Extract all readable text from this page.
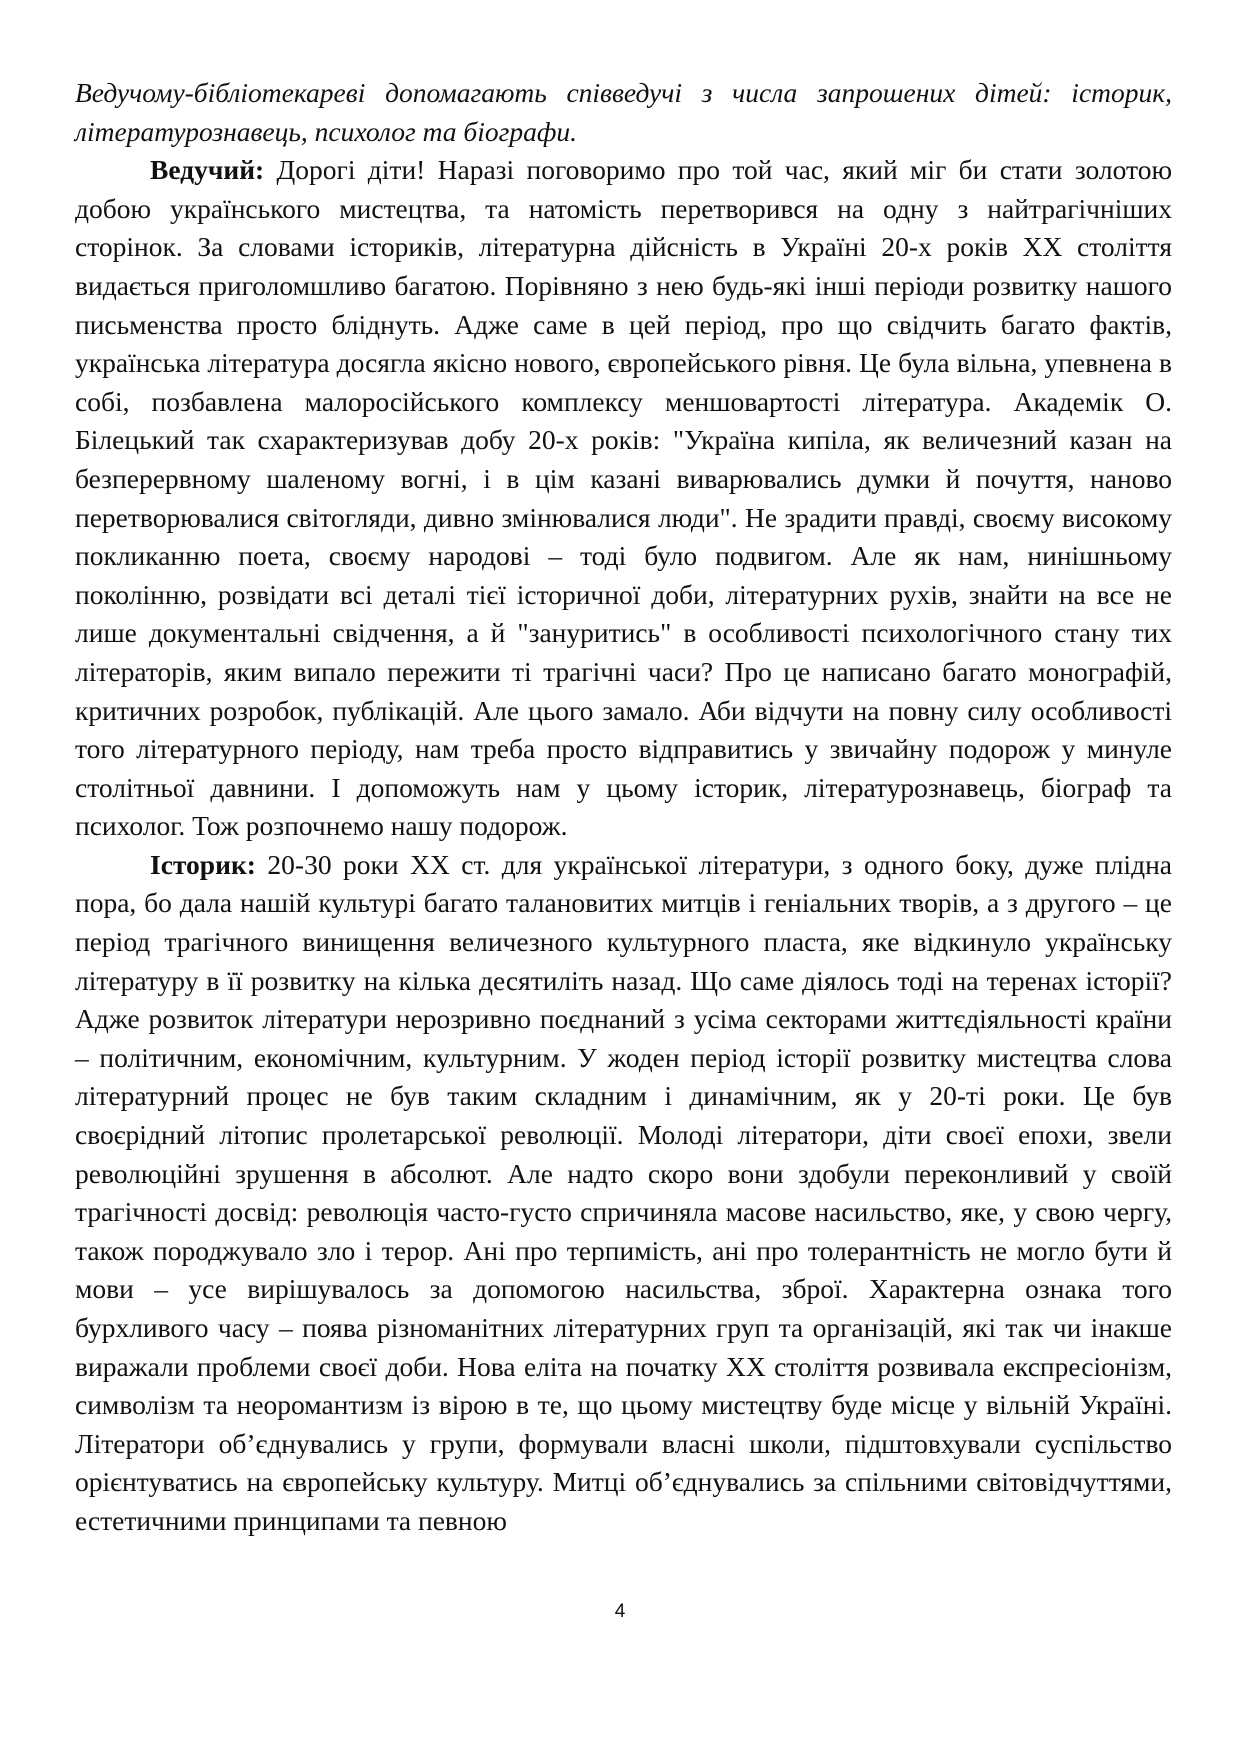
Ведучому-бібліотекареві допомагають співведучі з числа запрошених дітей: історик, літературознавець, психолог та біографи.

Ведучий: Дорогі діти! Наразі поговоримо про той час, який міг би стати золотою добою українського мистецтва, та натомість перетворився на одну з найтрагічніших сторінок. За словами істориків, літературна дійсність в Україні 20-х років XX століття видається приголомшливо багатою. Порівняно з нею будь-які інші періоди розвитку нашого письменства просто бліднуть. Адже саме в цей період, про що свідчить багато фактів, українська література досягла якісно нового, європейського рівня. Це була вільна, упевнена в собі, позбавлена малоросійського комплексу меншовартості література. Академік О. Білецький так схарактеризував добу 20-х років: "Україна кипіла, як величезний казан на безперервному шаленому вогні, і в цім казані виварювались думки й почуття, наново перетворювалися світогляди, дивно змінювалися люди". Не зрадити правді, своєму високому покликанню поета, своєму народові – тоді було подвигом. Але як нам, нинішньому поколінню, розвідати всі деталі тієї історичної доби, літературних рухів, знайти на все не лише документальні свідчення, а й "зануритись" в особливості психологічного стану тих літераторів, яким випало пережити ті трагічні часи? Про це написано багато монографій, критичних розробок, публікацій. Але цього замало. Аби відчути на повну силу особливості того літературного періоду, нам треба просто відправитись у звичайну подорож у минуле столітньої давнини. І допоможуть нам у цьому історик, літературознавець, біограф та психолог. Тож розпочнемо нашу подорож.

Історик: 20-30 роки XX ст. для української літератури, з одного боку, дуже плідна пора, бо дала нашій культурі багато талановитих митців і геніальних творів, а з другого – це період трагічного винищення величезного культурного пласта, яке відкинуло українську літературу в її розвитку на кілька десятиліть назад. Що саме діялось тоді на теренах історії? Адже розвиток літератури нерозривно поєднаний з усіма секторами життєдіяльності країни – політичним, економічним, культурним. У жоден період історії розвитку мистецтва слова літературний процес не був таким складним і динамічним, як у 20-ті роки. Це був своєрідний літопис пролетарської революції. Молоді літератори, діти своєї епохи, звели революційні зрушення в абсолют. Але надто скоро вони здобули переконливий у своїй трагічності досвід: революція часто-густо спричиняла масове насильство, яке, у свою чергу, також породжувало зло і терор. Ані про терпимість, ані про толерантність не могло бути й мови – усе вирішувалось за допомогою насильства, зброї. Характерна ознака того бурхливого часу – поява різноманітних літературних груп та організацій, які так чи інакше виражали проблеми своєї доби. Нова еліта на початку XX століття розвивала експресіонізм, символізм та неоромантизм із вірою в те, що цьому мистецтву буде місце у вільній Україні. Літератори об’єднувались у групи, формували власні школи, підштовхували суспільство орієнтуватись на європейську культуру. Митці об’єднувались за спільними світовідчуттями, естетичними принципами та певною

4
